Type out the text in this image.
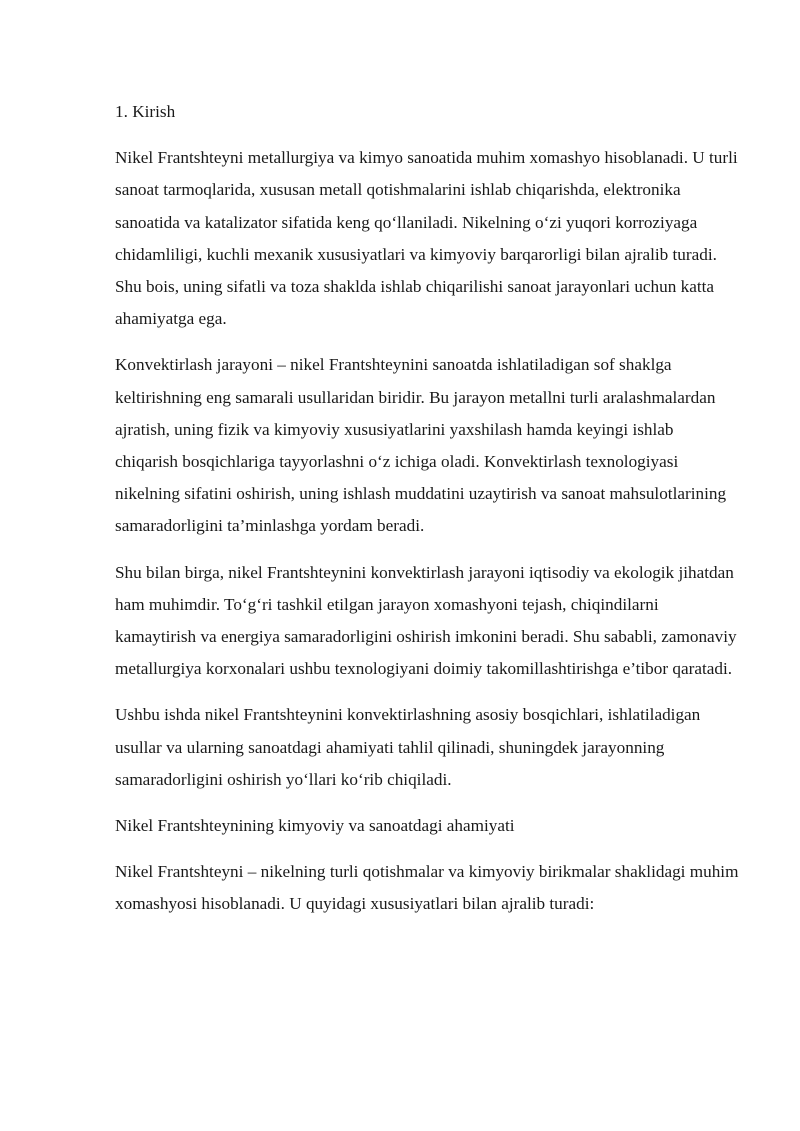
1. Kirish

Nikel Frantshteyni metallurgiya va kimyo sanoatida muhim xomashyo hisoblanadi. U turli sanoat tarmoqlarida, xususan metall qotishmalarini ishlab chiqarishda, elektronika sanoatida va katalizator sifatida keng qo‘llaniladi. Nikelning o‘zi yuqori korroziyaga chidamliligi, kuchli mexanik xususiyatlari va kimyoviy barqarorligi bilan ajralib turadi. Shu bois, uning sifatli va toza shaklda ishlab chiqarilishi sanoat jarayonlari uchun katta ahamiyatga ega.

Konvektirlash jarayoni – nikel Frantshteynini sanoatda ishlatiladigan sof shaklga keltirishning eng samarali usullaridan biridir. Bu jarayon metallni turli aralashmalardan ajratish, uning fizik va kimyoviy xususiyatlarini yaxshilash hamda keyingi ishlab chiqarish bosqichlariga tayyorlashni o‘z ichiga oladi. Konvektirlash texnologiyasi nikelning sifatini oshirish, uning ishlash muddatini uzaytirish va sanoat mahsulotlarining samaradorligini ta’minlashga yordam beradi.

Shu bilan birga, nikel Frantshteynini konvektirlash jarayoni iqtisodiy va ekologik jihatdan ham muhimdir. To‘g‘ri tashkil etilgan jarayon xomashyoni tejash, chiqindilarni kamaytirish va energiya samaradorligini oshirish imkonini beradi. Shu sababli, zamonaviy metallurgiya korxonalari ushbu texnologiyani doimiy takomillashtirishga e’tibor qaratadi.

Ushbu ishda nikel Frantshteynini konvektirlashning asosiy bosqichlari, ishlatiladigan usullar va ularning sanoatdagi ahamiyati tahlil qilinadi, shuningdek jarayonning samaradorligini oshirish yo‘llari ko‘rib chiqiladi.

Nikel Frantshteynining kimyoviy va sanoatdagi ahamiyati

Nikel Frantshteyni – nikelning turli qotishmalar va kimyoviy birikmalar shaklidagi muhim xomashyosi hisoblanadi. U quyidagi xususiyatlari bilan ajralib turadi:
